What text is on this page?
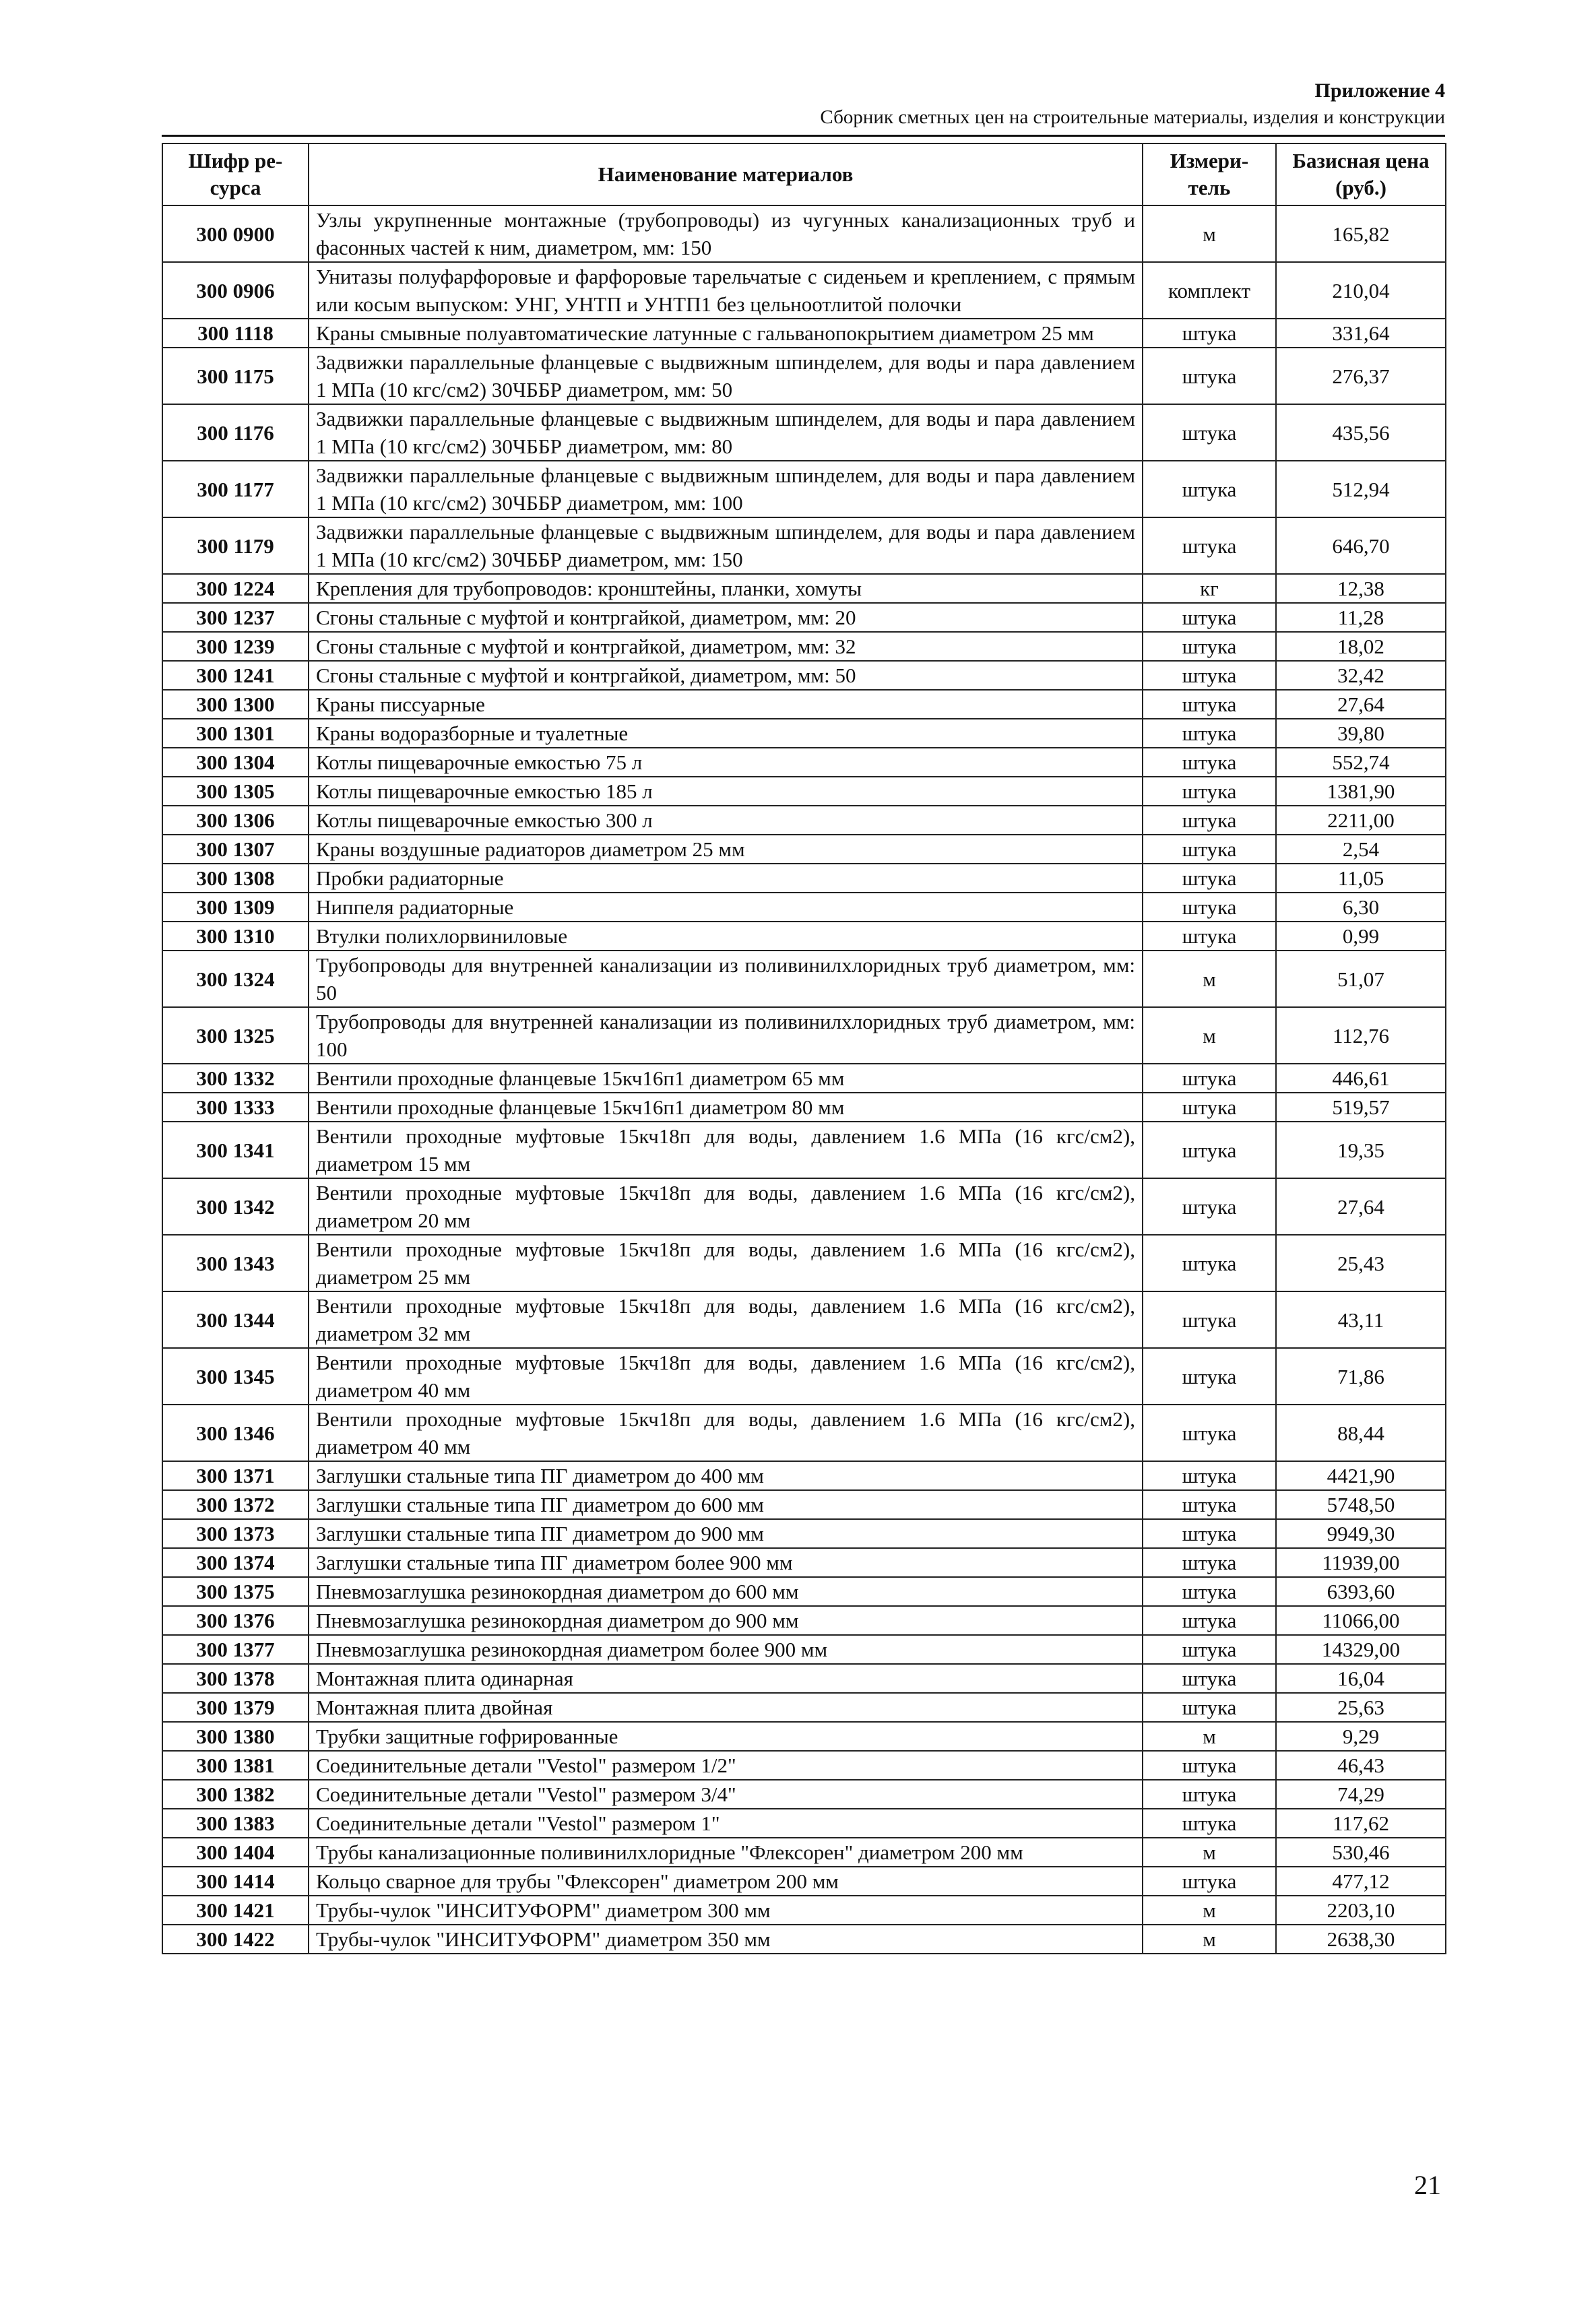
Приложение 4
Сборник сметных цен на строительные материалы, изделия и конструкции
Шифр ре-сурса	Наименование материалов	Измери-тель	Базисная цена (руб.)
300 0900	Узлы укрупненные монтажные (трубопроводы) из чугунных канализационных труб и фасонных частей к ним, диаметром, мм: 150	м	165,82
300 0906	Унитазы полуфарфоровые и фарфоровые тарельчатые с сиденьем и креплением, с прямым или косым выпуском: УНГ, УНТП и УНТП1 без цельноотлитой полочки	комплект	210,04
300 1118	Краны смывные полуавтоматические латунные с гальванопокрытием диаметром 25 мм	штука	331,64
300 1175	Задвижки параллельные фланцевые с выдвижным шпинделем, для воды и пара давлением 1 МПа (10 кгс/см2) 30ЧББР диаметром, мм: 50	штука	276,37
300 1176	Задвижки параллельные фланцевые с выдвижным шпинделем, для воды и пара давлением 1 МПа (10 кгс/см2) 30ЧББР диаметром, мм: 80	штука	435,56
300 1177	Задвижки параллельные фланцевые с выдвижным шпинделем, для воды и пара давлением 1 МПа (10 кгс/см2) 30ЧББР диаметром, мм: 100	штука	512,94
300 1179	Задвижки параллельные фланцевые с выдвижным шпинделем, для воды и пара давлением 1 МПа (10 кгс/см2) 30ЧББР диаметром, мм: 150	штука	646,70
300 1224	Крепления для трубопроводов: кронштейны, планки, хомуты	кг	12,38
300 1237	Сгоны стальные с муфтой и контргайкой, диаметром, мм: 20	штука	11,28
300 1239	Сгоны стальные с муфтой и контргайкой, диаметром, мм: 32	штука	18,02
300 1241	Сгоны стальные с муфтой и контргайкой, диаметром, мм: 50	штука	32,42
300 1300	Краны писсуарные	штука	27,64
300 1301	Краны водоразборные и туалетные	штука	39,80
300 1304	Котлы пищеварочные емкостью 75 л	штука	552,74
300 1305	Котлы пищеварочные емкостью 185 л	штука	1381,90
300 1306	Котлы пищеварочные емкостью 300 л	штука	2211,00
300 1307	Краны воздушные радиаторов диаметром 25 мм	штука	2,54
300 1308	Пробки радиаторные	штука	11,05
300 1309	Ниппеля радиаторные	штука	6,30
300 1310	Втулки полихлорвиниловые	штука	0,99
300 1324	Трубопроводы для внутренней канализации из поливинилхлоридных труб диаметром, мм: 50	м	51,07
300 1325	Трубопроводы для внутренней канализации из поливинилхлоридных труб диаметром, мм: 100	м	112,76
300 1332	Вентили проходные фланцевые 15кч16п1 диаметром 65 мм	штука	446,61
300 1333	Вентили проходные фланцевые 15кч16п1 диаметром 80 мм	штука	519,57
300 1341	Вентили проходные муфтовые 15кч18п для воды, давлением 1.6 МПа (16 кгс/см2), диаметром 15 мм	штука	19,35
300 1342	Вентили проходные муфтовые 15кч18п для воды, давлением 1.6 МПа (16 кгс/см2), диаметром 20 мм	штука	27,64
300 1343	Вентили проходные муфтовые 15кч18п для воды, давлением 1.6 МПа (16 кгс/см2), диаметром 25 мм	штука	25,43
300 1344	Вентили проходные муфтовые 15кч18п для воды, давлением 1.6 МПа (16 кгс/см2), диаметром 32 мм	штука	43,11
300 1345	Вентили проходные муфтовые 15кч18п для воды, давлением 1.6 МПа (16 кгс/см2), диаметром 40 мм	штука	71,86
300 1346	Вентили проходные муфтовые 15кч18п для воды, давлением 1.6 МПа (16 кгс/см2), диаметром 40 мм	штука	88,44
300 1371	Заглушки стальные типа ПГ диаметром до 400 мм	штука	4421,90
300 1372	Заглушки стальные типа ПГ диаметром до 600 мм	штука	5748,50
300 1373	Заглушки стальные типа ПГ диаметром до 900 мм	штука	9949,30
300 1374	Заглушки стальные типа ПГ диаметром более 900 мм	штука	11939,00
300 1375	Пневмозаглушка резинокордная диаметром до 600 мм	штука	6393,60
300 1376	Пневмозаглушка резинокордная диаметром до 900 мм	штука	11066,00
300 1377	Пневмозаглушка резинокордная диаметром более 900 мм	штука	14329,00
300 1378	Монтажная плита одинарная	штука	16,04
300 1379	Монтажная плита двойная	штука	25,63
300 1380	Трубки защитные гофрированные	м	9,29
300 1381	Соединительные детали "Vestol" размером 1/2"	штука	46,43
300 1382	Соединительные детали "Vestol" размером 3/4"	штука	74,29
300 1383	Соединительные детали "Vestol" размером 1"	штука	117,62
300 1404	Трубы канализационные поливинилхлоридные "Флексорен" диаметром 200 мм	м	530,46
300 1414	Кольцо сварное для трубы "Флексорен" диаметром 200 мм	штука	477,12
300 1421	Трубы-чулок "ИНСИТУФОРМ" диаметром 300 мм	м	2203,10
300 1422	Трубы-чулок "ИНСИТУФОРМ" диаметром 350 мм	м	2638,30
21
